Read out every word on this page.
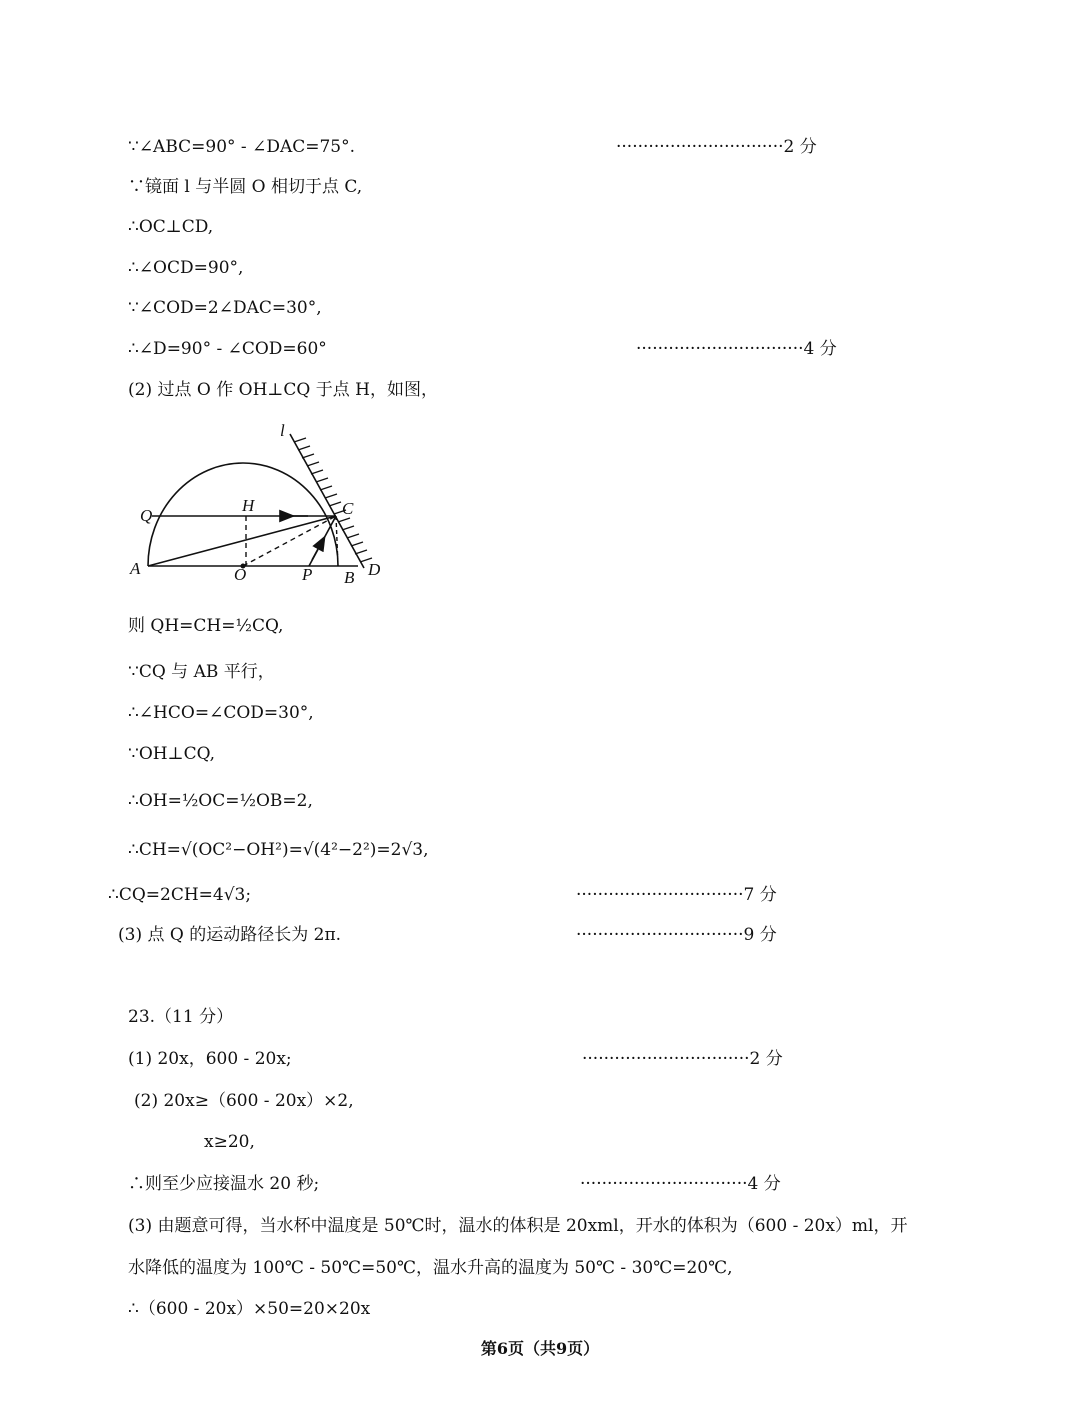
∵∠ABC=90° - ∠DAC=75°.
∵镜面 l 与半圆 O 相切于点 C,
∴OC⊥CD,
∴∠OCD=90°,
∵∠COD=2∠DAC=30°,
∴∠D=90° - ∠COD=60°
(2) 过点 O 作 OH⊥CQ 于点 H，如图，
则 QH=CH=½CQ,
∵CQ 与 AB 平行，
∴∠HCO=∠COD=30°,
∵OH⊥CQ,
∴OH=½OC=½OB=2,
∴CH=√(OC²−OH²)=√(4²−2²)=2√3,
∴CQ=2CH=4√3;
(3) 点 Q 的运动路径长为 2π.
23.（11 分）
(1) 20x，600 - 20x;
(2) 20x≥（600 - 20x）×2,
x≥20,
∴则至少应接温水 20 秒;
(3) 由题意可得，当水杯中温度是 50℃时，温水的体积是 20xml，开水的体积为（600 - 20x）ml，开
水降低的温度为 100℃ - 50℃=50℃，温水升高的温度为 50℃ - 30℃=20℃,
∴（600 - 20x）×50=20×20x
·······························2 分
·······························4 分
·······························7 分
·······························9 分
·······························2 分
·······························4 分
l
Q
H	C
A	O	P B D
第6页（共9页）
